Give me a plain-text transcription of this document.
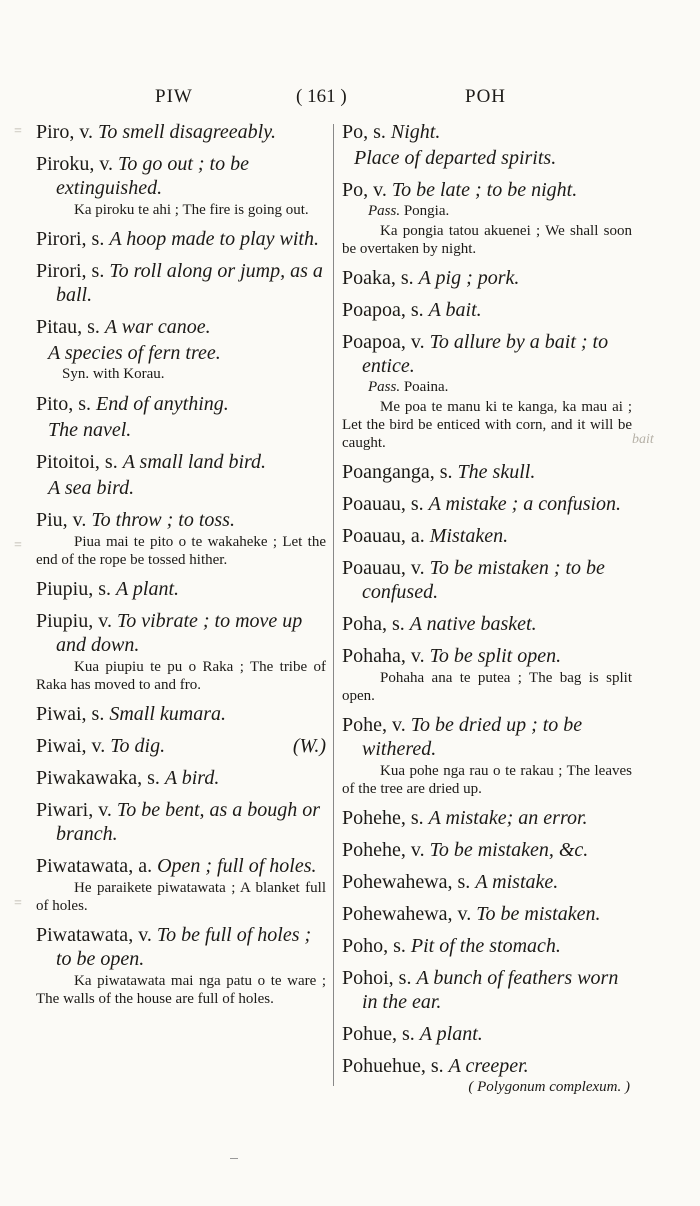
PIW	( 161 )	POH
Piro, v. To smell disagreeably.
Piroku, v. To go out ; to be extinguished.
Ka piroku te ahi ; The fire is going out.
Pirori, s. A hoop made to play with.
Pirori, s. To roll along or jump, as a ball.
Pitau, s. A war canoe.
A species of fern tree.
Syn. with Korau.
Pito, s. End of anything.
The navel.
Pitoitoi, s. A small land bird.
A sea bird.
Piu, v. To throw ; to toss.
Piua mai te pito o te wakaheke ; Let the end of the rope be tossed hither.
Piupiu, s. A plant.
Piupiu, v. To vibrate ; to move up and down.
Kua piupiu te pu o Raka ; The tribe of Raka has moved to and fro.
Piwai, s. Small kumara.
Piwai, v. To dig.	(W.)
Piwakawaka, s. A bird.
Piwari, v. To be bent, as a bough or branch.
Piwatawata, a. Open ; full of holes.
He paraikete piwatawata ; A blanket full of holes.
Piwatawata, v. To be full of holes ; to be open.
Ka piwatawata mai nga patu o te ware ; The walls of the house are full of holes.
Po, s. Night.
Place of departed spirits.
Po, v. To be late ; to be night.
Pass. Pongia.
Ka pongia tatou akuenei ; We shall soon be overtaken by night.
Poaka, s. A pig ; pork.
Poapoa, s. A bait.
Poapoa, v. To allure by a bait ; to entice.
Pass. Poaina.
Me poa te manu ki te kanga, ka mau ai ; Let the bird be enticed with corn, and it will be caught.
Poanganga, s. The skull.
Poauau, s. A mistake ; a confusion.
Poauau, a. Mistaken.
Poauau, v. To be mistaken ; to be confused.
Poha, s. A native basket.
Pohaha, v. To be split open.
Pohaha ana te putea ; The bag is split open.
Pohe, v. To be dried up ; to be withered.
Kua pohe nga rau o te rakau ; The leaves of the tree are dried up.
Pohehe, s. A mistake; an error.
Pohehe, v. To be mistaken, &c.
Pohewahewa, s. A mistake.
Pohewahewa, v. To be mistaken.
Poho, s. Pit of the stomach.
Pohoi, s. A bunch of feathers worn in the ear.
Pohue, s. A plant.
Pohuehue, s. A creeper.
( Polygonum complexum. )
=
=
=
bait
